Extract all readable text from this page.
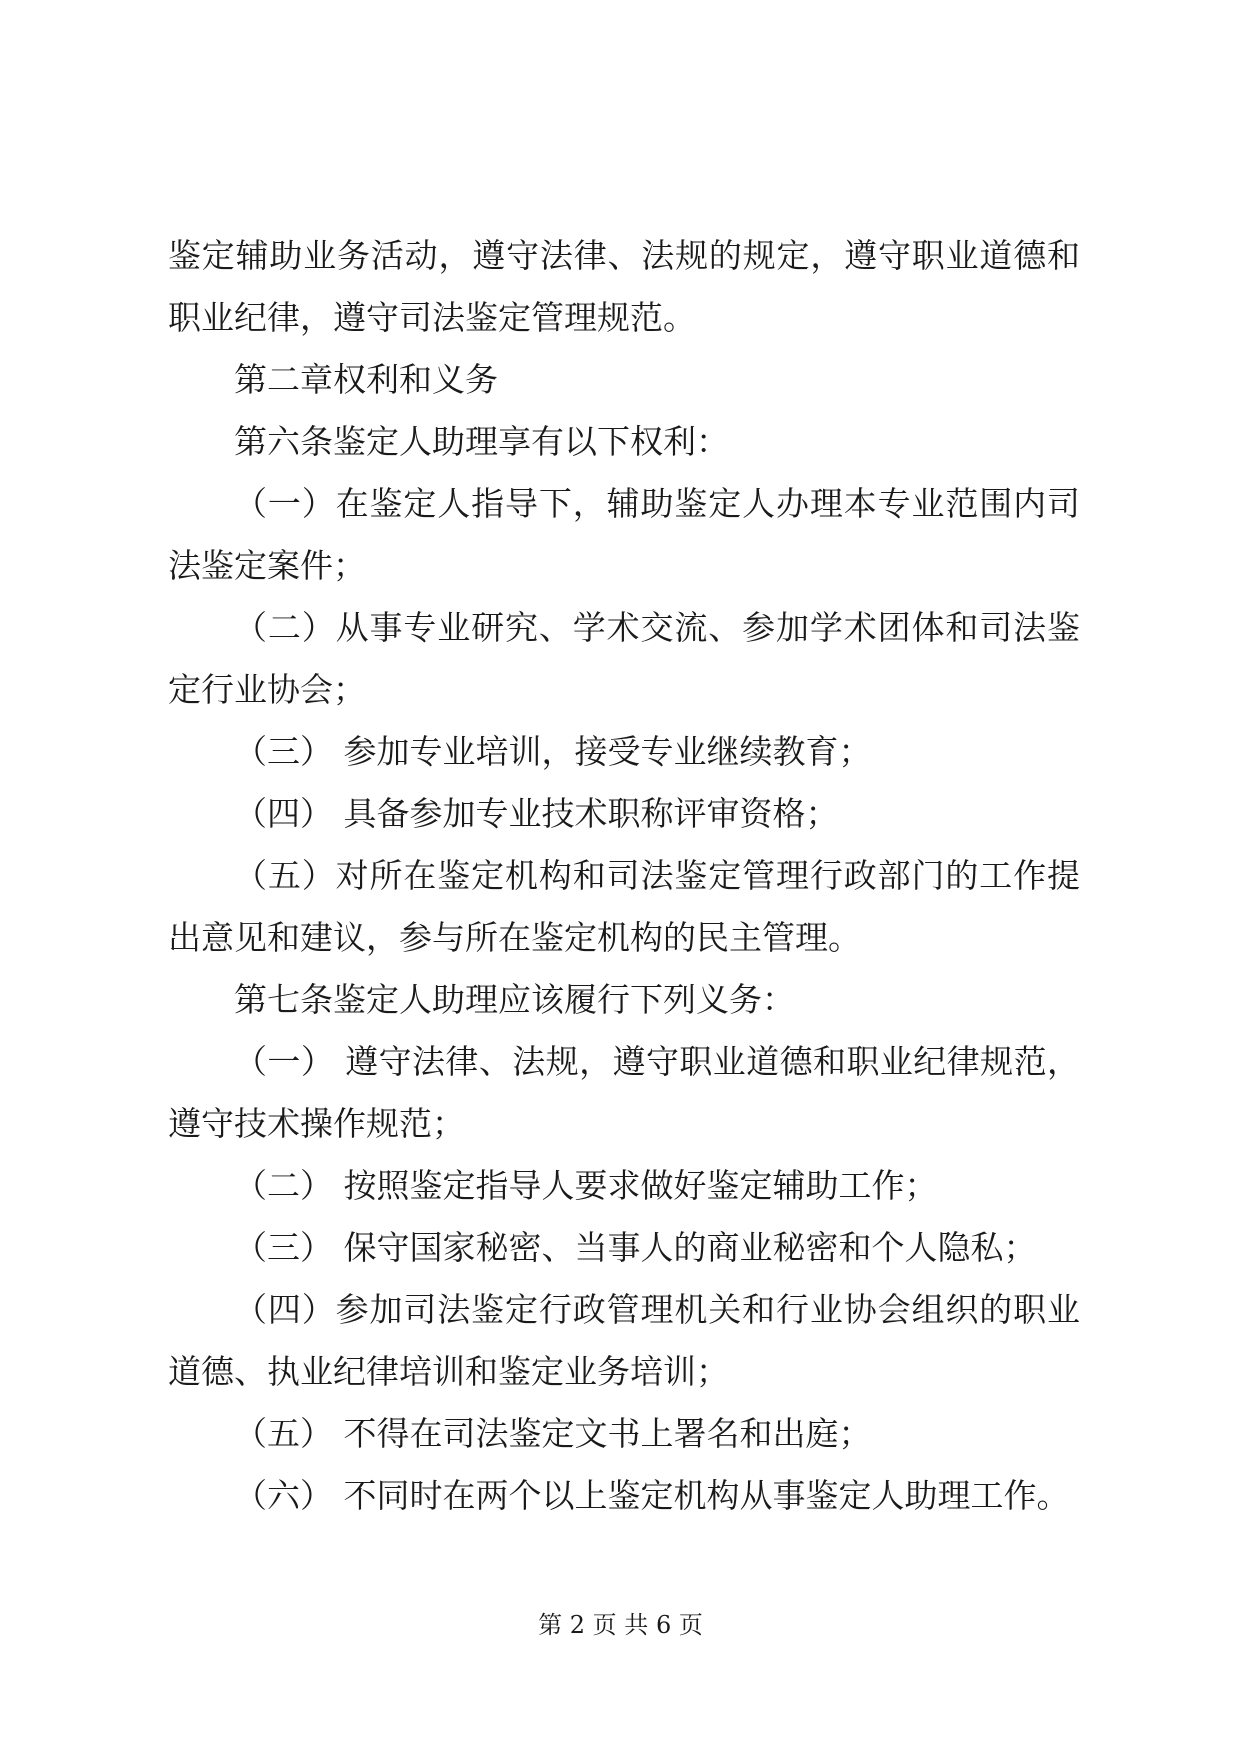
鉴定辅助业务活动，遵守法律、法规的规定，遵守职业道德和职业纪律，遵守司法鉴定管理规范。

第二章权利和义务

第六条鉴定人助理享有以下权利：

（一）在鉴定人指导下，辅助鉴定人办理本专业范围内司法鉴定案件；

（二）从事专业研究、学术交流、参加学术团体和司法鉴定行业协会；

（三） 参加专业培训，接受专业继续教育；

（四） 具备参加专业技术职称评审资格；

（五）对所在鉴定机构和司法鉴定管理行政部门的工作提出意见和建议，参与所在鉴定机构的民主管理。

第七条鉴定人助理应该履行下列义务：

（一） 遵守法律、法规，遵守职业道德和职业纪律规范，遵守技术操作规范；

（二） 按照鉴定指导人要求做好鉴定辅助工作；

（三） 保守国家秘密、当事人的商业秘密和个人隐私；

（四）参加司法鉴定行政管理机关和行业协会组织的职业道德、执业纪律培训和鉴定业务培训；

（五） 不得在司法鉴定文书上署名和出庭；

（六） 不同时在两个以上鉴定机构从事鉴定人助理工作。

第 2 页 共 6 页
